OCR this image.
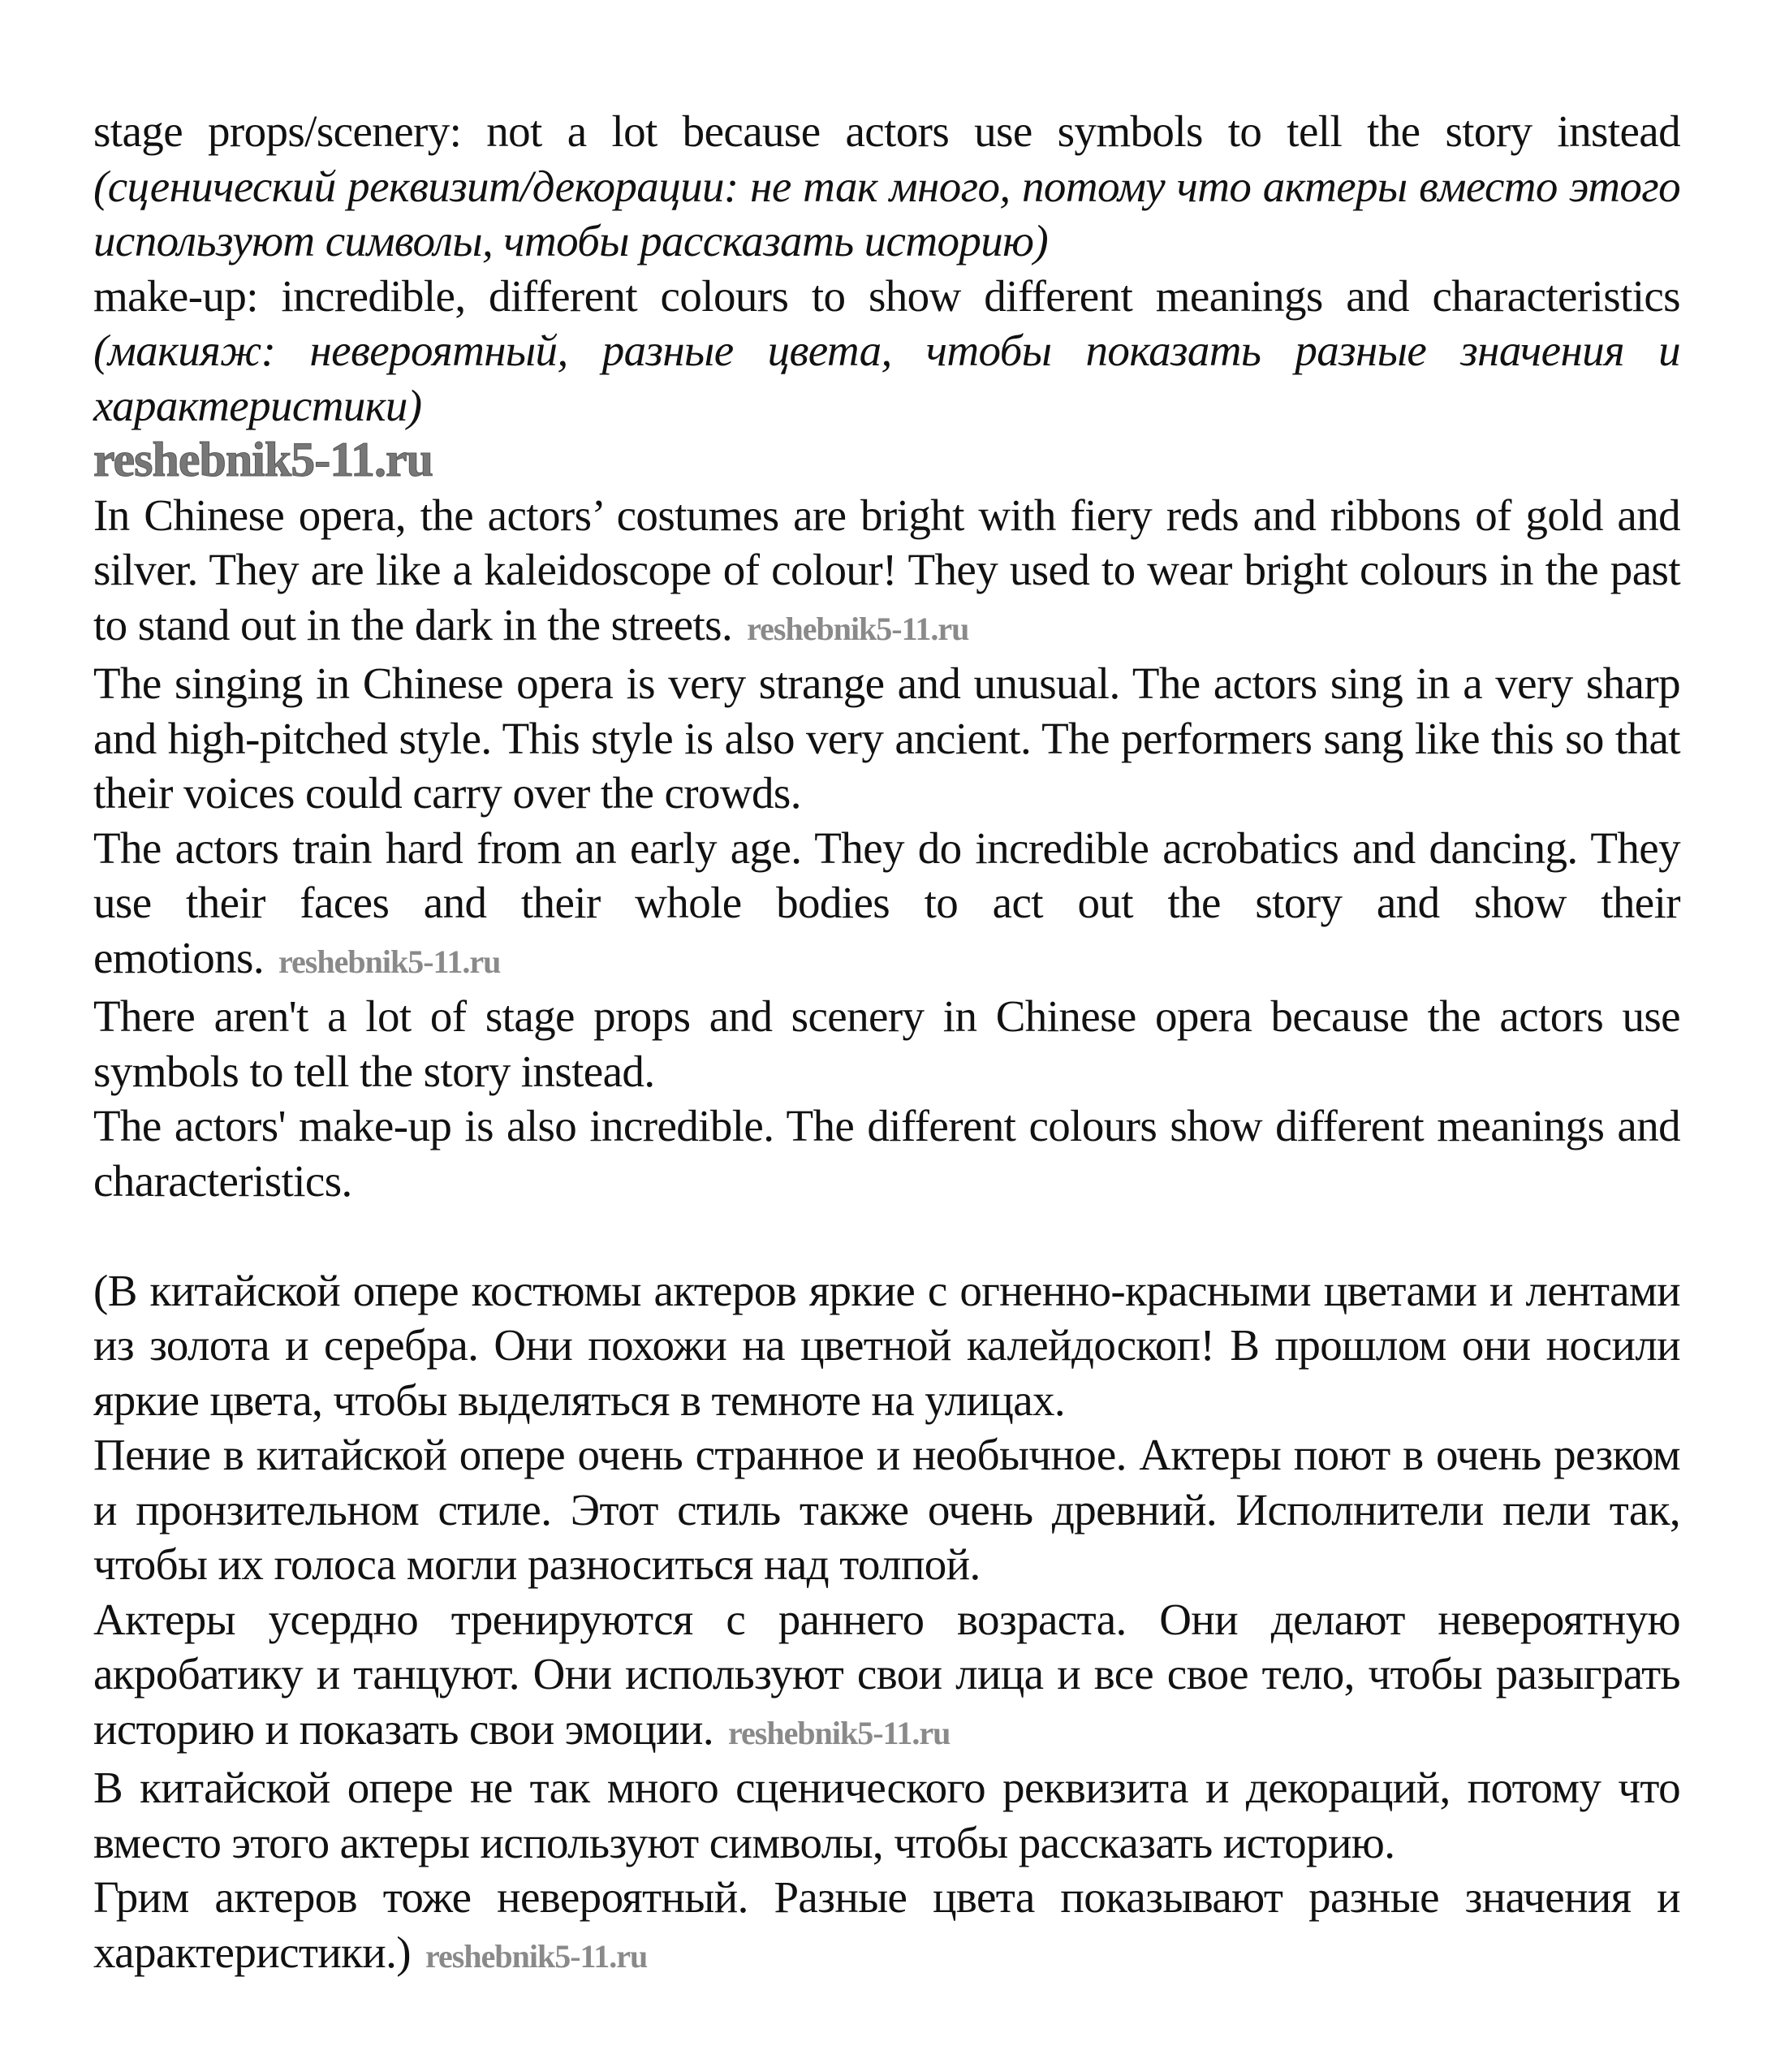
stage props/scenery: not a lot because actors use symbols to tell the story instead (сценический реквизит/декорации: не так много, потому что актеры вместо этого используют символы, чтобы рассказать историю)

make-up: incredible, different colours to show different meanings and characteristics (макияж: невероятный, разные цвета, чтобы показать разные значения и характеристики)

reshebnik5-11.ru

In Chinese opera, the actors’ costumes are bright with fiery reds and ribbons of gold and silver. They are like a kaleidoscope of colour! They used to wear bright colours in the past to stand out in the dark in the streets. reshebnik5-11.ru

The singing in Chinese opera is very strange and unusual. The actors sing in a very sharp and high-pitched style. This style is also very ancient. The performers sang like this so that their voices could carry over the crowds.

The actors train hard from an early age. They do incredible acrobatics and dancing. They use their faces and their whole bodies to act out the story and show their emotions. reshebnik5-11.ru

There aren't a lot of stage props and scenery in Chinese opera because the actors use symbols to tell the story instead.

The actors' make-up is also incredible. The different colours show different meanings and characteristics.

(В китайской опере костюмы актеров яркие с огненно-красными цветами и лентами из золота и серебра. Они похожи на цветной калейдоскоп! В прошлом они носили яркие цвета, чтобы выделяться в темноте на улицах.

Пение в китайской опере очень странное и необычное. Актеры поют в очень резком и пронзительном стиле. Этот стиль также очень древний. Исполнители пели так, чтобы их голоса могли разноситься над толпой.

Актеры усердно тренируются с раннего возраста. Они делают невероятную акробатику и танцуют. Они используют свои лица и все свое тело, чтобы разыграть историю и показать свои эмоции. reshebnik5-11.ru

В китайской опере не так много сценического реквизита и декораций, потому что вместо этого актеры используют символы, чтобы рассказать историю.

Грим актеров тоже невероятный. Разные цвета показывают разные значения и характеристики.) reshebnik5-11.ru
